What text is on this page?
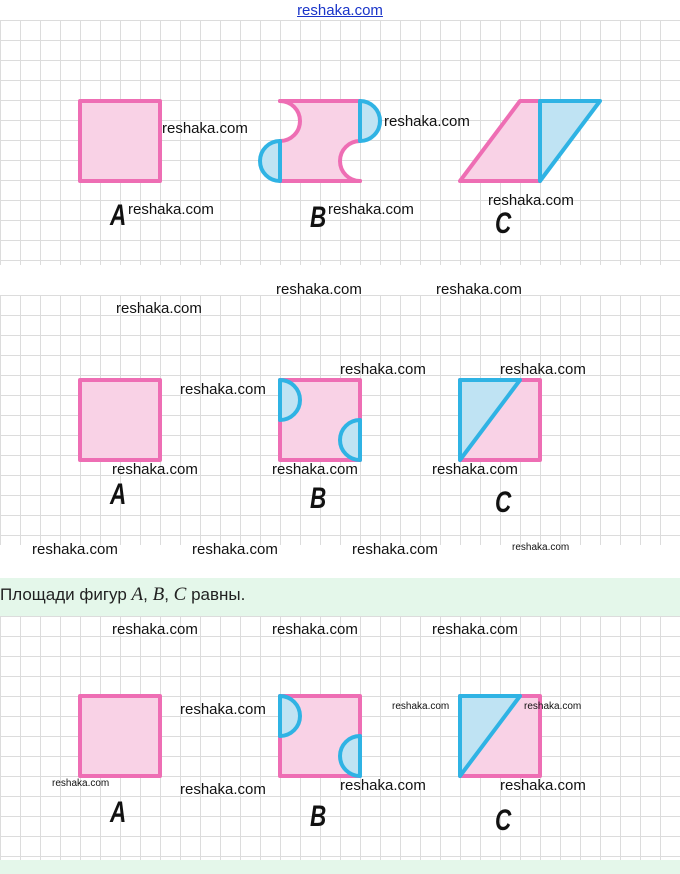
reshaka.com
A	B	C
A	B	C
A	B	C
Площади фигур A, B, C равны.
reshaka.com	reshaka.com
reshaka.com	reshaka.com
reshaka.com
reshaka.com	reshaka.com
reshaka.com
reshaka.com	reshaka.com
reshaka.com
reshaka.com	reshaka.com	reshaka.com
reshaka.com	reshaka.com	reshaka.com	reshaka.com
reshaka.com	reshaka.com	reshaka.com
reshaka.com	reshaka.com	reshaka.com
reshaka.com	reshaka.com	reshaka.com	reshaka.com
